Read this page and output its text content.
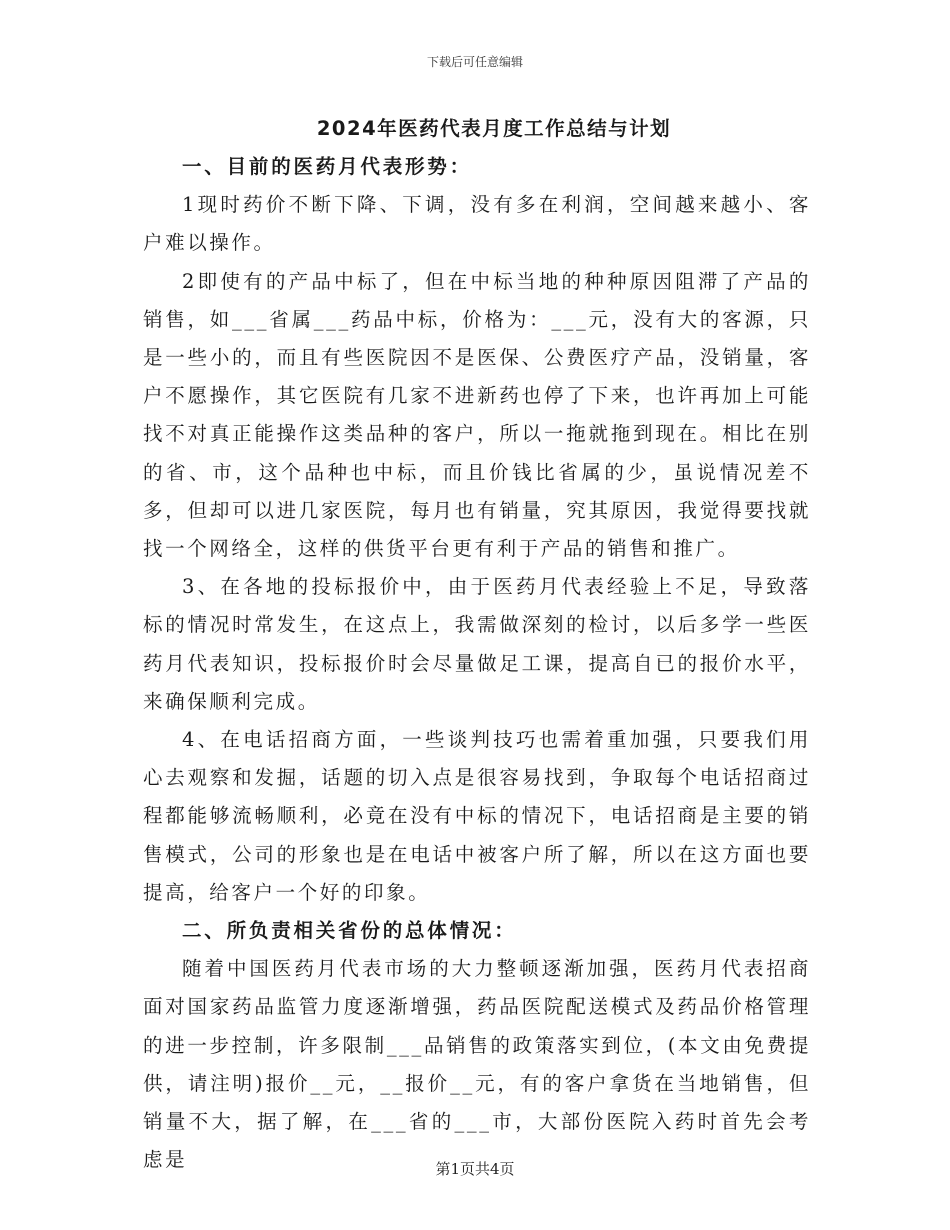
下载后可任意编辑
2024年医药代表月度工作总结与计划

一、目前的医药月代表形势：

1现时药价不断下降、下调，没有多在利润，空间越来越小、客户难以操作。

2即使有的产品中标了，但在中标当地的种种原因阻滞了产品的销售，如___省属___药品中标，价格为：___元，没有大的客源，只是一些小的，而且有些医院因不是医保、公费医疗产品，没销量，客户不愿操作，其它医院有几家不进新药也停了下来，也许再加上可能找不对真正能操作这类品种的客户，所以一拖就拖到现在。相比在别的省、市，这个品种也中标，而且价钱比省属的少，虽说情况差不多，但却可以进几家医院，每月也有销量，究其原因，我觉得要找就找一个网络全，这样的供货平台更有利于产品的销售和推广。

3、在各地的投标报价中，由于医药月代表经验上不足，导致落标的情况时常发生，在这点上，我需做深刻的检讨，以后多学一些医药月代表知识，投标报价时会尽量做足工课，提高自已的报价水平，来确保顺利完成。

4、在电话招商方面，一些谈判技巧也需着重加强，只要我们用心去观察和发掘，话题的切入点是很容易找到，争取每个电话招商过程都能够流畅顺利，必竟在没有中标的情况下，电话招商是主要的销售模式，公司的形象也是在电话中被客户所了解，所以在这方面也要提高，给客户一个好的印象。

二、所负责相关省份的总体情况：

随着中国医药月代表市场的大力整顿逐渐加强，医药月代表招商面对国家药品监管力度逐渐增强，药品医院配送模式及药品价格管理的进一步控制，许多限制___品销售的政策落实到位，(本文由免费提供，请注明)报价__元，__报价__元，有的客户拿货在当地销售，但销量不大，据了解，在___省的___市，大部份医院入药时首先会考虑是	第1页共4页
